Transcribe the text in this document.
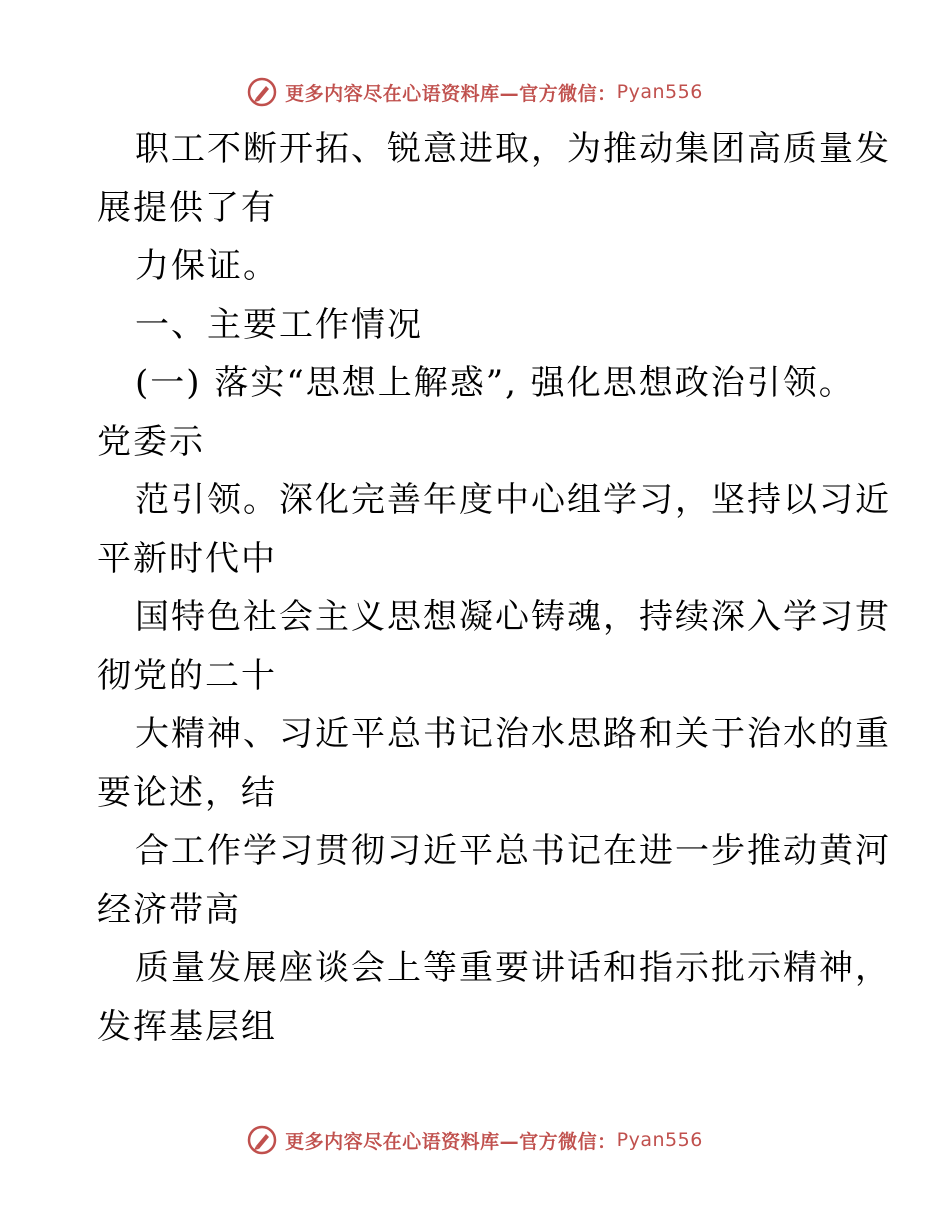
更多内容尽在心语资料库—官方微信： Pyan556
职工不断开拓、锐意进取，为推动集团高质量发
展提供了有
力保证。
一、主要工作情况
(一) 落实“思想上解惑”, 强化思想政治引领。
党委示
范引领。深化完善年度中心组学习，坚持以习近
平新时代中
国特色社会主义思想凝心铸魂，持续深入学习贯
彻党的二十
大精神、习近平总书记治水思路和关于治水的重
要论述，结
合工作学习贯彻习近平总书记在进一步推动黄河
经济带高
质量发展座谈会上等重要讲话和指示批示精神，
发挥基层组
更多内容尽在心语资料库—官方微信： Pyan556
